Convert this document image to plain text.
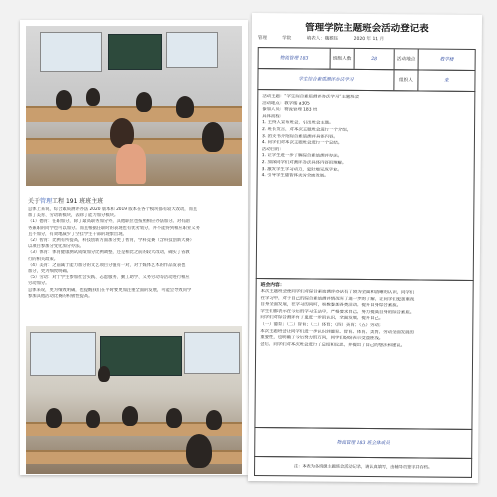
关于管理工程 191 班班主班
总体上来说，综合素质测评办法 2020 版本和 2019 版本在各个模块都有较大改动，而且
加了美育、劳动新模块，去除了能力加分模块。
（1）德育：任职加分，除了最高职务加分外，其他职位也按照相应办法加分。对有副
务兼职的同学也可以加分。而且根据任职时的表现也有优劣划分，并不能得到相应职业义务
且不加分，有效地减少了空挂学生干部的现象出现。
（2）智育：比例有所提高，科技创新方面加分更了智育，学科竞赛（含科技创新大赛）
以项目参加分变化加分办法。
（3）体育：体育健康测试成绩加分比例调整，还是相比之前的较大改动，确实了省教
行的相关政策。
（4）美育：之前属于能力加分的文艺项目分值有一对，对于媒体艺术的作品发表也
加分，更为细致明确。
（5）劳动：对于学生参加社会实践、志愿服务、勤工助学、义务劳动等活动进行相应
劳动加分。
总体来说，更为细致明确，也提醒我们在平时要更加注重全面的发展，可能会导致同学
参加其他活动比赛的积极性提高。
管理学院主题班会活动登记表
管理	学院	填表人：魏猴钰	2020 年 11 月
物流管理 183	班级人数	28	活动地点	教学楼
学生综合素质测评办法学习	组织人	朱
活动主题：“学生综合素质测评办法学习”主题班会
活动地点：教学楼 a305
参加人员：物流管理 183 班
具体流程：
1. 主持人宣布班会，引出班会主题。
2. 班长发言，对本次主题班会进行一个介绍。
3. 团支书介绍综合素质测评具体内容。
4. 同学们对本次主题班会进行一个总结。
活动目的：
1. 让学生进一步了解综合素质测评办法。
2. 加深同学们对测评办法具体内容的理解。
3. 激发学生学习动力，更好地完成学业。
4. 引导学生德智体美劳全面发展。
班会内容：
本次主题班会使同学们对综合素质测评办法有了较为全面和清晰的认识，同学们
在学习中，对于自己的综合素质测评情况有了进一步的了解，让同学们更加重视
自身全面发展，在学习的同时，积极参加各类活动，提升自身综合素质。
学生们都表示在今后的学习生活中，严格要求自己，努力提高自身的综合素质。
同学们对综合测评有了更进一步的认识，全面发展，提升自己。
（一）德育；（二）智育；（三）体育；（四）美育；（五）劳动；
本次主题班会让同学们进一步认识到德育、智育、体育、美育、劳动全面发展的
重要性，也明确了今后努力的方向，同学们纷纷表示受益匪浅。
会后，同学们对本次班会进行了总结和反思，并提出了自己的想法和建议。
物流管理 183 班全体成员
注：本表为各班级主题班会活动记录，请认真填写，由辅导员签字并存档。
